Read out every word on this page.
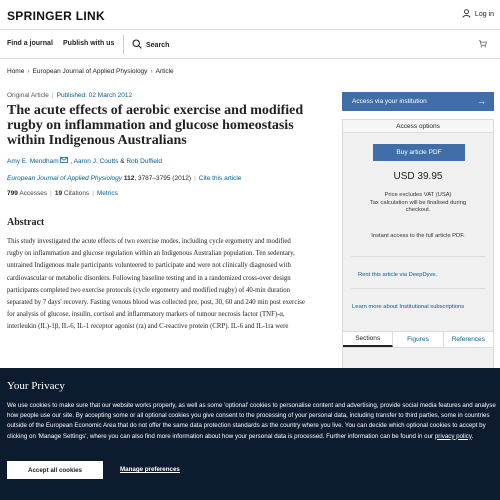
SPRINGER LINK	Log in
Find a journal Publish with us	Search
Home › European Journal of Applied Physiology › Article
Original Article | Published: 02 March 2012
The acute effects of aerobic exercise and modified rugby on inflammation and glucose homeostasis within Indigenous Australians
Amy E. Mendham , Aaron J. Coutts & Rob Duffield
European Journal of Applied Physiology 112, 3787–3795 (2012) | Cite this article
799 Accesses | 19 Citations | Metrics
Abstract
This study investigated the acute effects of two exercise modes, including cycle ergometry and modified rugby on inflammation and glucose regulation within an Indigenous Australian population. Ten sedentary, untrained Indigenous male participants volunteered to participate and were not clinically diagnosed with cardiovascular or metabolic disorders. Following baseline testing and in a randomized cross-over design participants completed two exercise protocols (cycle ergometry and modified rugby) of 40-min duration separated by 7 days' recovery. Fasting venous blood was collected pre, post, 30, 60 and 240 min post exercise for analysis of glucose, insulin, cortisol and inflammatory markers of tumour necrosis factor (TNF)-α, interleukin (IL)-1β, IL-6, IL-1 receptor agonist (ra) and C-reactive protein (CRP). IL-6 and IL-1ra were
Access via your institution	→
Access options
Buy article PDF
USD 39.95
Price excludes VAT (USA)
Tax calculation will be finalised during checkout.
Instant access to the full article PDF.
Rent this article via DeepDyve.
Learn more about Institutional subscriptions
Sections	Figures	References
Your Privacy

We use cookies to make sure that our website works properly, as well as some 'optional' cookies to personalise content and advertising, provide social media features and analyse how people use our site. By accepting some or all optional cookies you give consent to the processing of your personal data, including transfer to third parties, some in countries outside of the European Economic Area that do not offer the same data protection standards as the country where you live. You can decide which optional cookies to accept by clicking on 'Manage Settings', where you can also find more information about how your personal data is processed. Further information can be found in our privacy policy.

Accept all cookies	Manage preferences
